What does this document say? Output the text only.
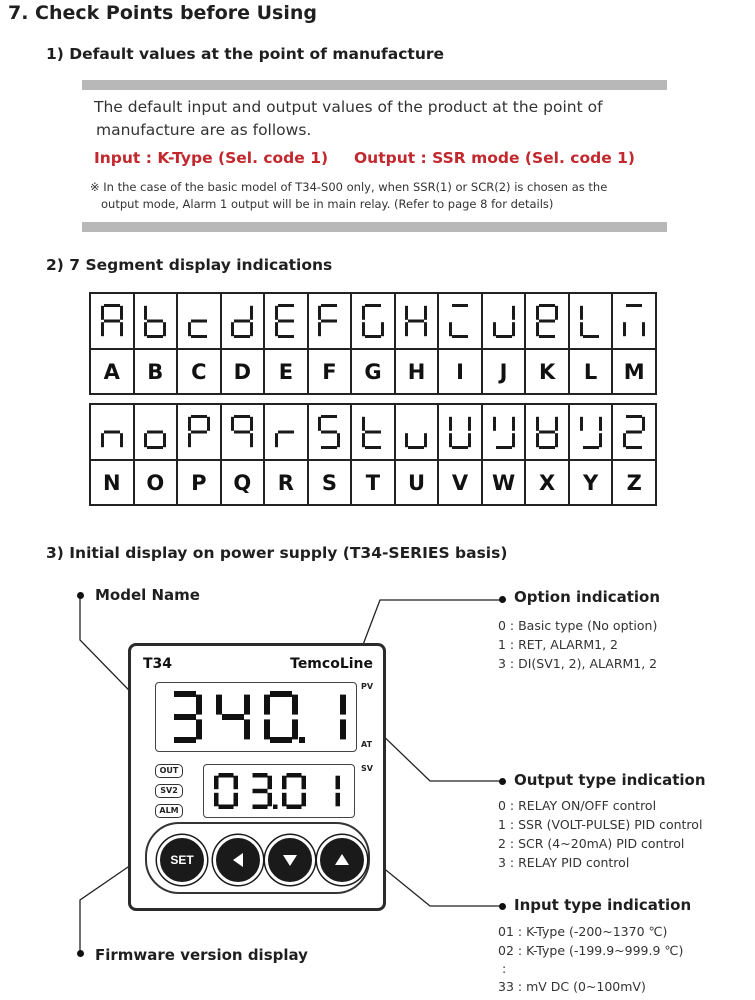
7. Check Points before Using
1) Default values at the point of manufacture
The default input and output values of the product at the point of
manufacture are as follows.
Input : K-Type (Sel. code 1) Output : SSR mode (Sel. code 1)
※ In the case of the basic model of T34-S00 only, when SSR(1) or SCR(2) is chosen as the
output mode, Alarm 1 output will be in main relay. (Refer to page 8 for details)
2) 7 Segment display indications

A	B	C	D	E	F	G	H	I	J	K	L	M

N	O	P	Q	R	S	T	U	V	W	X	Y	Z
3) Initial display on power supply (T34-SERIES basis)
Model Name
Firmware version display
T34	TemcoLine
PV
AT
SV
OUT
SV2
ALM
SET
Option indication
0 : Basic type (No option)
1 : RET, ALARM1, 2
3 : DI(SV1, 2), ALARM1, 2
Output type indication
0 : RELAY ON/OFF control
1 : SSR (VOLT-PULSE) PID control
2 : SCR (4~20mA) PID control
3 : RELAY PID control
Input type indication
01 : K-Type (-200~1370 ℃)
02 : K-Type (-199.9~999.9 ℃)
:
33 : mV DC (0~100mV)
